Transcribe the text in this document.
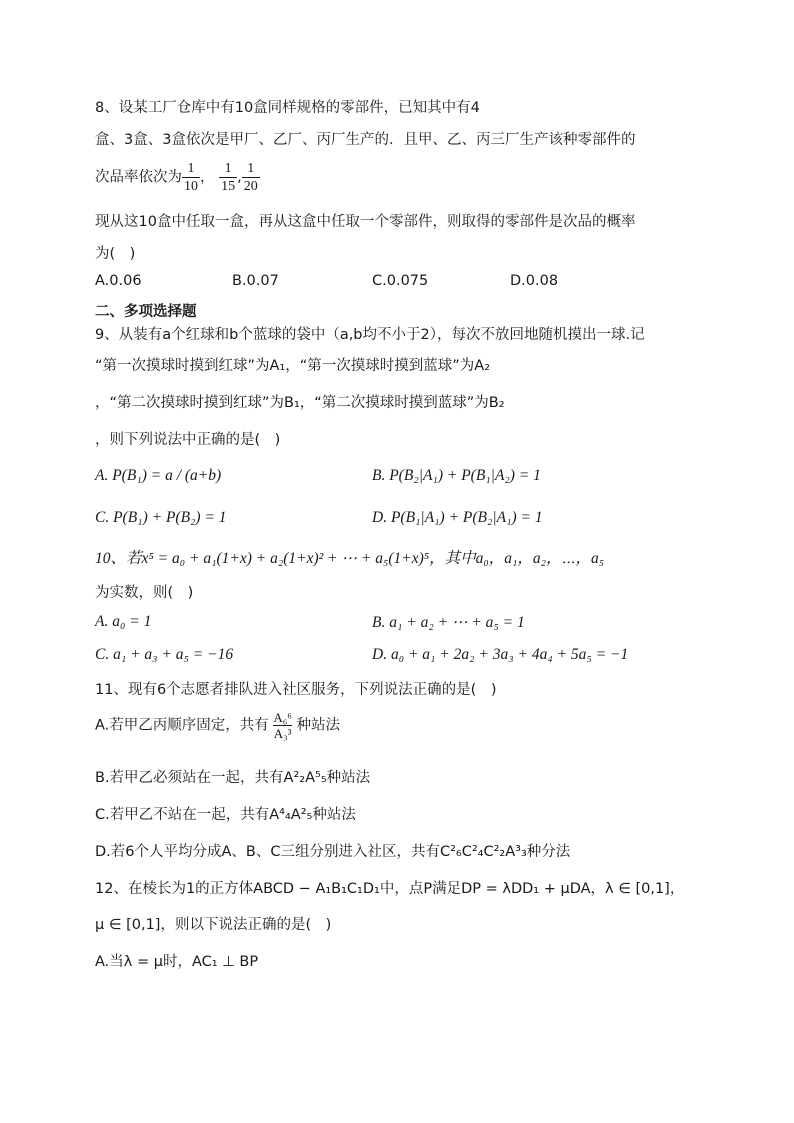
8、设某工厂仓库中有10盒同样规格的零部件，已知其中有4
盒、3盒、3盒依次是甲厂、乙厂、丙厂生产的．且甲、乙、丙三厂生产该种零部件的
次品率依次为 $\frac{1}{10}$ ， $\frac{1}{15}$ , $\frac{1}{20}$
现从这10盒中任取一盒，再从这盒中任取一个零部件，则取得的零部件是次品的概率
为(　)
A.0.06	B.0.07	C.0.075	D.0.08
二、多项选择题
9、从装有a个红球和b个蓝球的袋中（a,b均不小于2），每次不放回地随机摸出一球.记
“第一次摸球时摸到红球”为A₁，“第一次摸球时摸到蓝球”为A₂
，“第二次摸球时摸到红球”为B₁，“第二次摸球时摸到蓝球”为B₂
，则下列说法中正确的是(　)
A. P(B₁) = a / (a+b)	B. P(B₂|A₁) + P(B₁|A₂) = 1
C. P(B₁) + P(B₂) = 1	D. P(B₁|A₁) + P(B₂|A₁) = 1
10、若x⁵ = a₀ + a₁(1+x) + a₂(1+x)² + ⋯ + a₅(1+x)⁵，其中a₀，a₁，a₂，⋯，a₅
为实数，则(　)
A. a₀ = 1	B. a₁ + a₂ + ⋯ + a₅ = 1
C. a₁ + a₃ + a₅ = −16	D. a₀ + a₁ + 2a₂ + 3a₃ + 4a₄ + 5a₅ = −1
11、现有6个志愿者排队进入社区服务，下列说法正确的是(　)
A.若甲乙丙顺序固定，共有 $\frac{\text{A₆⁶}}{\text{A₃³}}$ 种站法
B.若甲乙必须站在一起，共有A²₂A⁵₅种站法
C.若甲乙不站在一起，共有A⁴₄A²₅种站法
D.若6个人平均分成A、B、C三组分别进入社区，共有C²₆C²₄C²₂A³₃种分法
12、在棱长为1的正方体ABCD − A₁B₁C₁D₁中，点P满足DP = λDD₁ + μDA，λ ∈ [0,1]，
μ ∈ [0,1]，则以下说法正确的是(　)
A.当λ = μ时，AC₁ ⊥ BP
